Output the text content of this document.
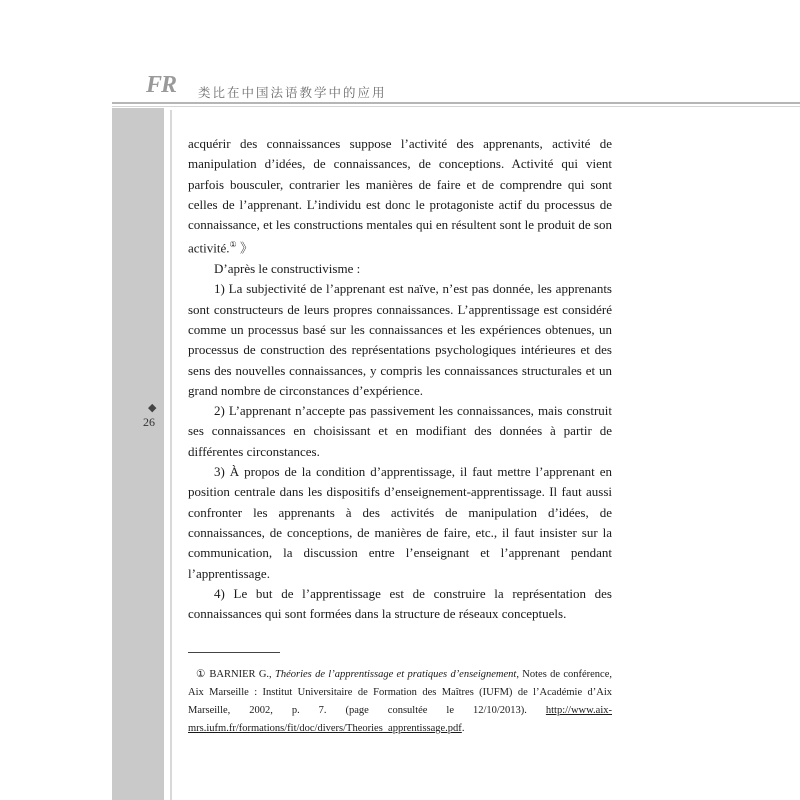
FR 类比在中国法语教学中的应用
◆
26

acquérir des connaissances suppose l’activité des apprenants, activité de manipulation d’idées, de connaissances, de conceptions. Activité qui vient parfois bousculer, contrarier les manières de faire et de comprendre qui sont celles de l’apprenant. L’individu est donc le protagoniste actif du processus de connaissance, et les constructions mentales qui en résultent sont le produit de son activité.① 》

D’après le constructivisme :

1) La subjectivité de l’apprenant est naïve, n’est pas donnée, les apprenants sont constructeurs de leurs propres connaissances. L’apprentissage est considéré comme un processus basé sur les connaissances et les expériences obtenues, un processus de construction des représentations psychologiques intérieures et des sens des nouvelles connaissances, y compris les connaissances structurales et un grand nombre de circonstances d’expérience.

2) L’apprenant n’accepte pas passivement les connaissances, mais construit ses connaissances en choisissant et en modifiant des données à partir de différentes circonstances.

3) À propos de la condition d’apprentissage, il faut mettre l’apprenant en position centrale dans les dispositifs d’enseignement-apprentissage. Il faut aussi confronter les apprenants à des activités de manipulation d’idées, de connaissances, de conceptions, de manières de faire, etc., il faut insister sur la communication, la discussion entre l’enseignant et l’apprenant pendant l’apprentissage.

4) Le but de l’apprentissage est de construire la représentation des connaissances qui sont formées dans la structure de réseaux conceptuels.

① BARNIER G., Théories de l’apprentissage et pratiques d’enseignement, Notes de conférence, Aix Marseille : Institut Universitaire de Formation des Maîtres (IUFM) de l’Académie d’Aix Marseille, 2002, p. 7. (page consultée le 12/10/2013). http://www.aix-mrs.iufm.fr/formations/fit/doc/divers/Theories_apprentissage.pdf.
